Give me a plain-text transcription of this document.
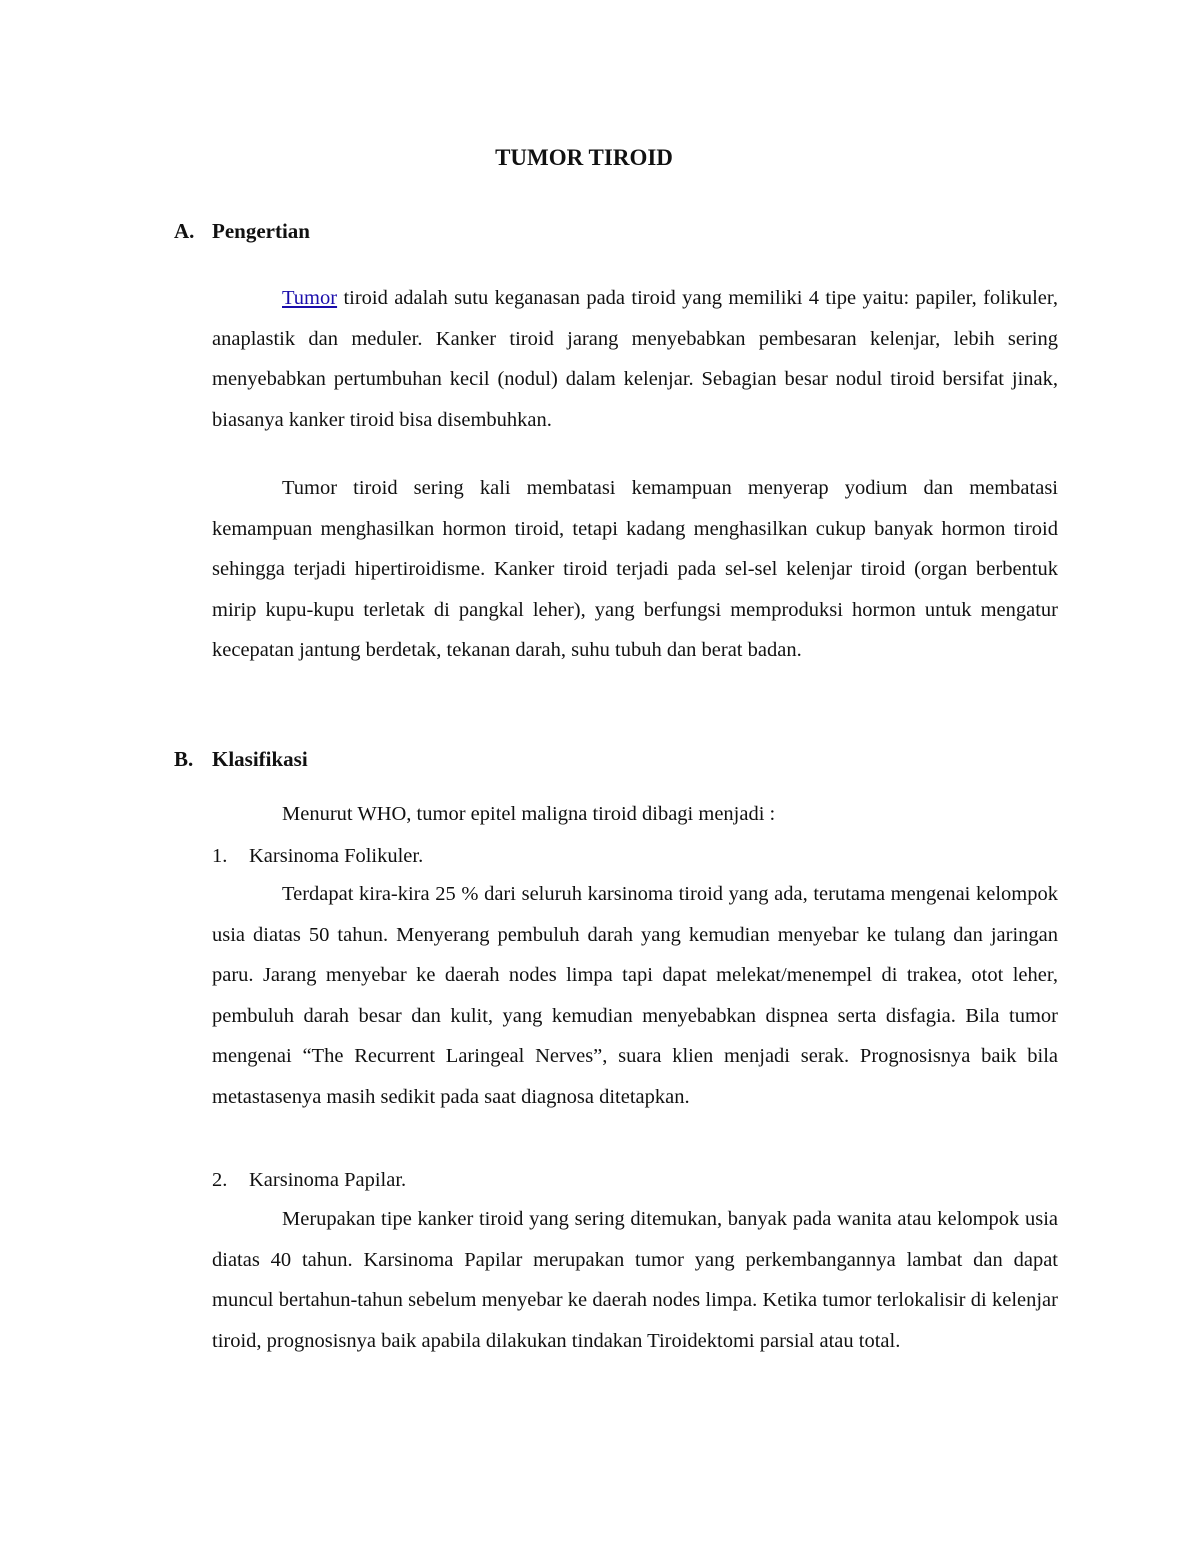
TUMOR TIROID
A. Pengertian

Tumor tiroid adalah sutu keganasan pada tiroid yang memiliki 4 tipe yaitu: papiler, folikuler, anaplastik dan meduler. Kanker tiroid jarang menyebabkan pembesaran kelenjar, lebih sering menyebabkan pertumbuhan kecil (nodul) dalam kelenjar. Sebagian besar nodul tiroid bersifat jinak, biasanya kanker tiroid bisa disembuhkan.

Tumor tiroid sering kali membatasi kemampuan menyerap yodium dan membatasi kemampuan menghasilkan hormon tiroid, tetapi kadang menghasilkan cukup banyak hormon tiroid sehingga terjadi hipertiroidisme. Kanker tiroid terjadi pada sel-sel kelenjar tiroid (organ berbentuk mirip kupu-kupu terletak di pangkal leher), yang berfungsi memproduksi hormon untuk mengatur kecepatan jantung berdetak, tekanan darah, suhu tubuh dan berat badan.

B. Klasifikasi

Menurut WHO, tumor epitel maligna tiroid dibagi menjadi :

1. Karsinoma Folikuler.

Terdapat kira-kira 25 % dari seluruh karsinoma tiroid yang ada, terutama mengenai kelompok usia diatas 50 tahun. Menyerang pembuluh darah yang kemudian menyebar ke tulang dan jaringan paru. Jarang menyebar ke daerah nodes limpa tapi dapat melekat/menempel di trakea, otot leher, pembuluh darah besar dan kulit, yang kemudian menyebabkan dispnea serta disfagia. Bila tumor mengenai “The Recurrent Laringeal Nerves”, suara klien menjadi serak. Prognosisnya baik bila metastasenya masih sedikit pada saat diagnosa ditetapkan.

2. Karsinoma Papilar.

Merupakan tipe kanker tiroid yang sering ditemukan, banyak pada wanita atau kelompok usia diatas 40 tahun. Karsinoma Papilar merupakan tumor yang perkembangannya lambat dan dapat muncul bertahun-tahun sebelum menyebar ke daerah nodes limpa. Ketika tumor terlokalisir di kelenjar tiroid, prognosisnya baik apabila dilakukan tindakan Tiroidektomi parsial atau total.
